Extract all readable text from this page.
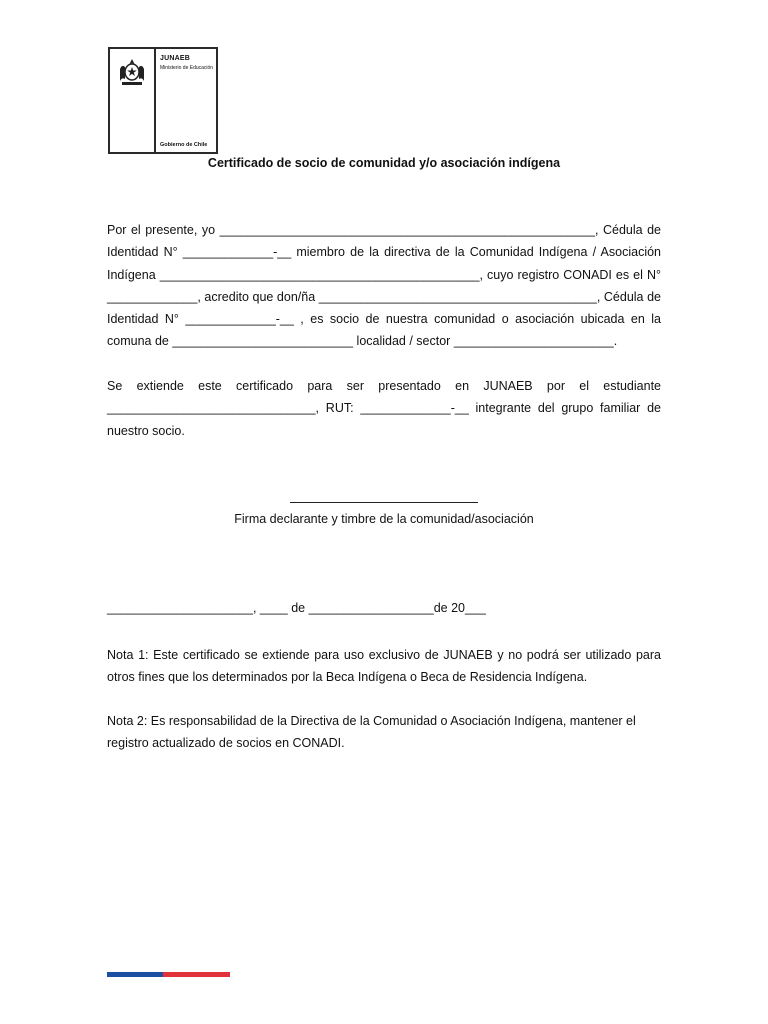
JUNAEB
Ministerio de Educación
Gobierno de Chile
Certificado de socio de comunidad y/o asociación indígena

Por el presente, yo ______________________________________________________, Cédula de Identidad N° _____________-__ miembro de la directiva de la Comunidad Indígena / Asociación Indígena ______________________________________________, cuyo registro CONADI es el N° _____________, acredito que don/ña ________________________________________, Cédula de Identidad N° _____________-__ , es socio de nuestra comunidad o asociación ubicada en la comuna de __________________________ localidad / sector _______________________.

Se extiende este certificado para ser presentado en JUNAEB por el estudiante ______________________________, RUT: _____________-__ integrante del grupo familiar de nuestro socio.

Firma declarante y timbre de la comunidad/asociación
_____________________, ____ de __________________de 20___

Nota 1: Este certificado se extiende para uso exclusivo de JUNAEB y no podrá ser utilizado para otros fines que los determinados por la Beca Indígena o Beca de Residencia Indígena.

Nota 2: Es responsabilidad de la Directiva de la Comunidad o Asociación Indígena, mantener el registro actualizado de socios en CONADI.
